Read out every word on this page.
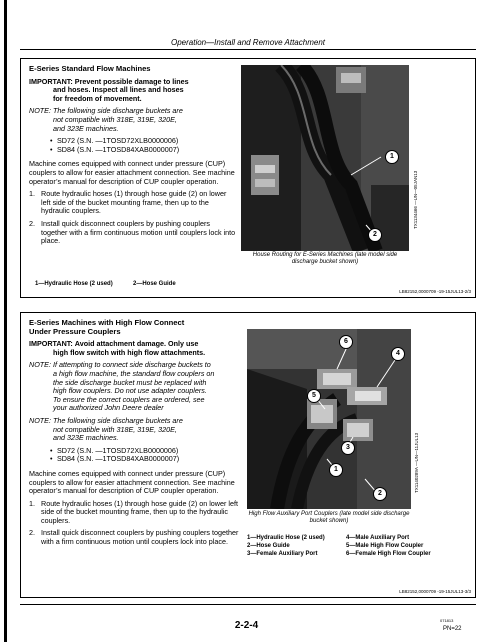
Operation—Install and Remove Attachment
E-Series Standard Flow Machines

IMPORTANT: Prevent possible damage to lines
and hoses. Inspect all lines and hoses
for freedom of movement.

NOTE: The following side discharge buckets are
not compatible with 318E, 319E, 320E,
and 323E machines.

• SD72 (S.N. —1TOSD72XLB0000006)
• SD84 (S.N. —1TOSD84XAB0000007)

Machine comes equipped with connect under pressure (CUP) couplers to allow for easier attachment connection. See machine operator’s manual for description of CUP coupler operation.

1. Route hydraulic hoses (1) through hose guide (2) on lower left side of the bucket mounting frame, then up to the hydraulic couplers.
2. Install quick disconnect couplers by pushing couplers together with a firm continuous motion until couplers lock into place.
1—Hydraulic Hose (2 used)	2—Hose Guide
1
2
TX1134466 —UN—05JAN13
House Routing for E-Series Machines (late model side discharge bucket shown)
LB82152,0000709 -19-15JUL13-2/3
E-Series Machines with High Flow Connect
Under Pressure Couplers

IMPORTANT: Avoid attachment damage. Only use
high flow switch with high flow attachments.

NOTE: If attempting to connect side discharge buckets to
a high flow machine, the standard flow couplers on
the side discharge bucket must be replaced with
high flow couplers. Do not use adapter couplers.
To ensure the correct couplers are ordered, see
your authorized John Deere dealer

NOTE: The following side discharge buckets are
not compatible with 318E, 319E, 320E,
and 323E machines.

• SD72 (S.N. —1TOSD72XLB0000006)
• SD84 (S.N. —1TOSD84XAB0000007)

Machine comes equipped with connect under pressure (CUP) couplers to allow for easier attachment connection. See machine operator’s manual for description of CUP coupler operation.

1. Route hydraulic hoses (1) through hose guide (2) on lower left side of the bucket mounting frame, then up to the hydraulic couplers.
2. Install quick disconnect couplers by pushing couplers together with a firm continuous motion until couplers lock into place.
6
4
5
3
1
2
TX1140289A —UN—11JUL13
High Flow Auxiliary Port Couplers (late model side discharge bucket shown)
1—Hydraulic Hose (2 used)
2—Hose Guide
3—Female Auxiliary Port
4—Male Auxiliary Port
5—Male High Flow Coupler
6—Female High Flow Coupler
LB82152,0000709 -19-15JUL13-3/3
2-2-4	071813
PN=22
